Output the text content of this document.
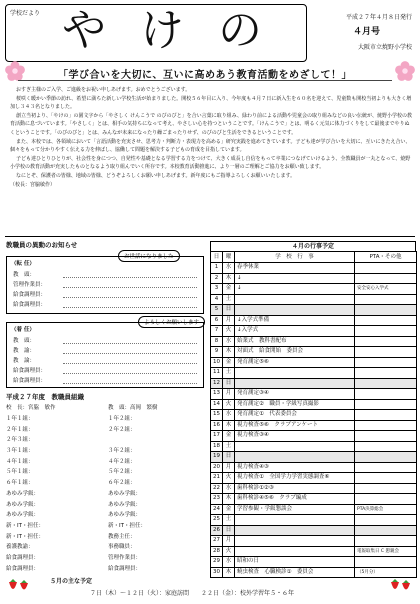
学校だより やけの	平成２７年４月８日発行
４月号
大阪市立焼野小学校
「学び合いを大切に、互いに高めあう教育活動をめざして！」

おすぎ主様のご入学、ご進級をお祝い申しあげます。おめでとうございます。

桜咲く暖かい季節の訪れ、希望に満ちた新しい学校生活が始まりました。開校５６年目に入り、今年度も４月７日に新入生を６０名を迎えて、児童数も開校当初よりも大きく増加し３４３名となりました。

創立当初より、「やけの」の園文字から「やさしく けんこうで のびのびと」を合い言葉に取り組み、緑わり前による活動や児童会の取り組みなどの良い伝統が、焼野小学校の教育活動に息づいています。「やさしく」とは、相手の気持ちになって考え、やさしい心を持つということです。「けんこうで」とは、明るく元気に体力づくりをして最後までやりぬくということです。「のびのびと」とは、みんなが未来になったり繰ごまったりせず、のびのびと生活をできるということです。

また、本校では、各領域において「言語活動を充実させ、思考力・判断力・表現力を高める」研究実践を進めてきています。子ども達が学び合いを大切に、互いにきたえ合い、個々をもって分かりやすく伝える力を伸ばし、協働して問題を解決する子どもの育成を目指しています。

子ども達ひとりひとりが、社会性を身につつ、自発性や基礎となる学習する力をつけて、大きく成長し自信をもって卒業につなげていけるよう、全教職員が一丸となって、焼野小学校の教育活動が充実したものとなるよう取り組んでいく所存です。本校教育活動推進に、より一層のご理解とご協力をお願い致します。

なにとぞ、保護者の皆様、地域の皆様、どうぞよろしくお願い申しあげます。新年度にもご指導よろしくお願いいたします。

（校長：宮脇敏作）

教職員の異動のお知らせ
お世話になりました
（転 任）
教　頭：
管理作業員：
給食調理員：
給食調理員：
よろしくお願いします
（着 任）
教　頭：
教　諭：
教　論：
給食調理員：
給食調理員：
平成２７年度　教職員組織
校　長：宮脇　敏作	教　頭：高岡　繁樹
１年１組：	１年２組：
２年１組：	２年２組：
２年３組：
３年１組：	３年２組：
４年１組：	４年２組：
５年１組：	５年２組：
６年１組：	６年２組：
あゆみ学級：	あゆみ学級：
あゆみ学級：	あゆみ学級：
あゆみ学級：	あゆみ学級：
新・IT・担任：	新・IT・担任：
新・IT・担任：	教務主任：
養護教諭：	事務職員：
給食調理員：	管理作業員：
給食調理員：	給食調理員：
４月の行事予定
日	曜	学　校　行　事	PTA・その他
1	水	春季休業	
2	木	↓	
3	金	↓	安全安心入学式
4	土		
5	日		
6	月	↓入学式準備	
7	火	↓入学式	
8	水	始業式　教科書配布	
9	木	対面式　給食開始　委員会	
10	金	発育測定⑤⑥	
11	土		
12	日		
13	月	発育測定③④	
14	火	発育測定②　職員・学級写真撮影	
15	水	発育測定①　代表委員会	
16	木	視力検査⑤⑥　クラブアンケート	
17	金	視力検査③④	
18	土		
19	日		
20	月	視力検査④③	
21	火	視力検査①　全国学力学習実態調査⑥	
22	水	歯科検診①②③	
23	木	歯科検診④⑤⑥　クラブ編成	
24	金	学習参観・学級懇談会	PTA決算総会
25	土		
26	日		
27	月		
28	火		電報取集日 C 懇親会
29	水	昭和の日	
30	木	蟯虫検査　心臓検診①　委員会	（5月分）
５月の主な予定
７日（木）〜１２日（火）：家庭訪問　　２２日（金）：校外学習年５・６年
